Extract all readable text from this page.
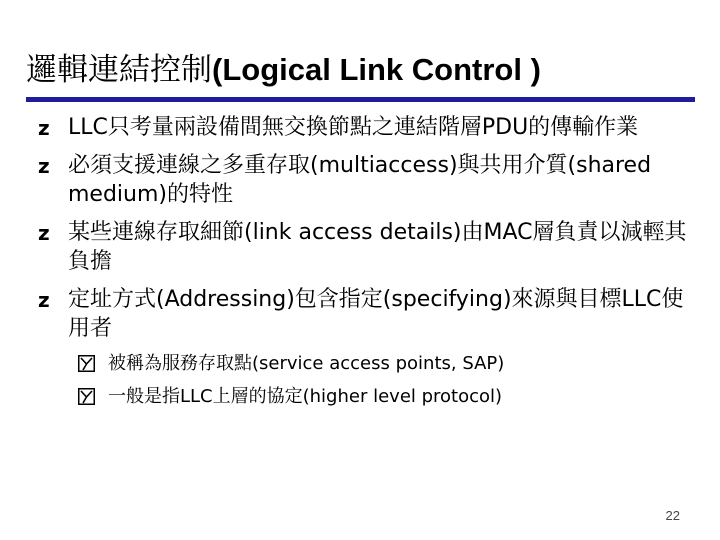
邏輯連結控制(Logical Link Control )
z LLC只考量兩設備間無交換節點之連結階層PDU的傳輸作業
z 必須支援連線之多重存取(multiaccess)與共用介質(shared medium)的特性
z 某些連線存取細節(link access details)由MAC層負責以減輕其負擔
z 定址方式(Addressing)包含指定(specifying)來源與目標LLC使用者
被稱為服務存取點(service access points, SAP)
一般是指LLC上層的協定(higher level protocol)
22
